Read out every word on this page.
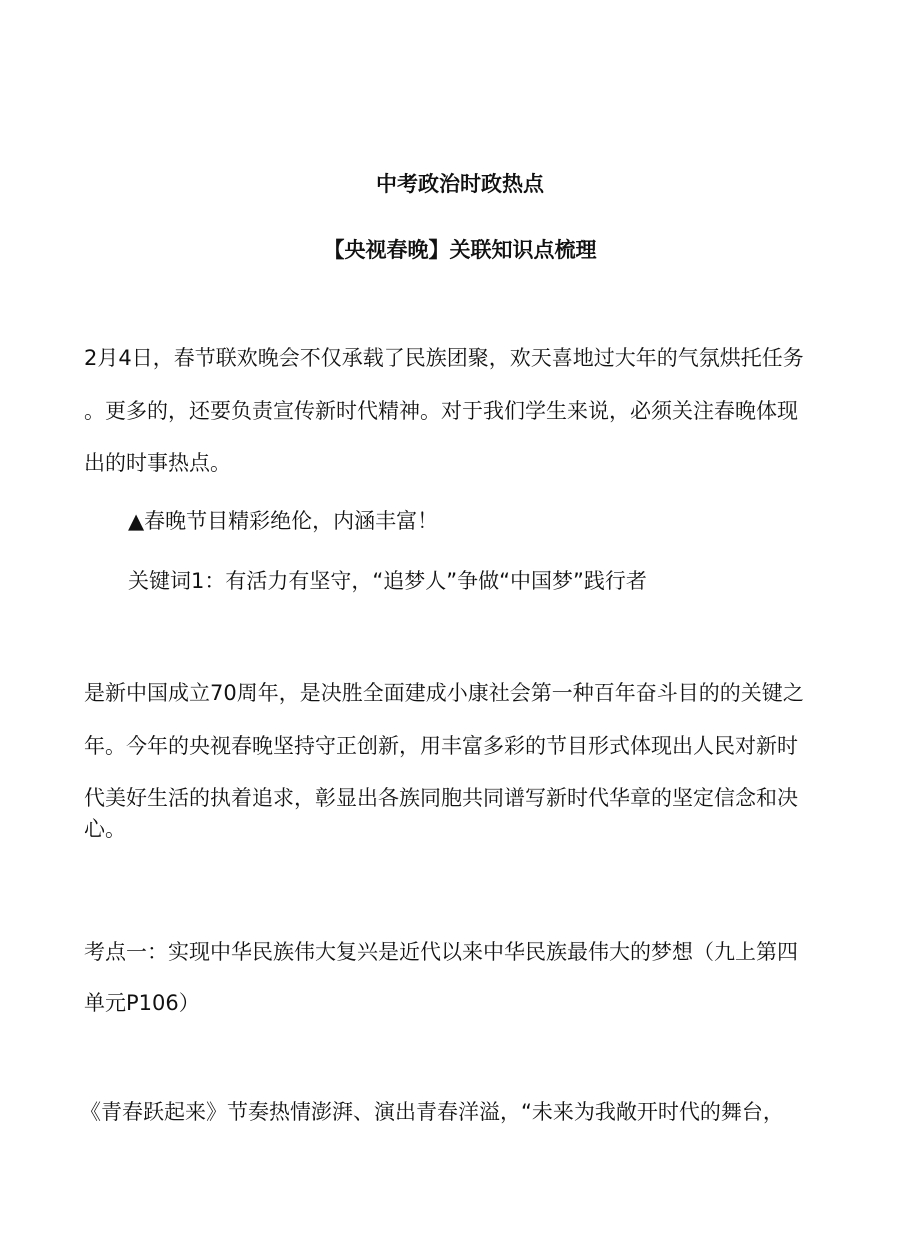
中考政治时政热点
【央视春晚】关联知识点梳理
2月4日，春节联欢晚会不仅承载了民族团聚，欢天喜地过大年的气氛烘托任务
。更多的，还要负责宣传新时代精神。对于我们学生来说，必须关注春晚体现
出的时事热点。
▲春晚节目精彩绝伦，内涵丰富！
关键词1：有活力有坚守，“追梦人”争做“中国梦”践行者
是新中国成立70周年，是决胜全面建成小康社会第一种百年奋斗目的的关键之
年。今年的央视春晚坚持守正创新，用丰富多彩的节目形式体现出人民对新时
代美好生活的执着追求，彰显出各族同胞共同谱写新时代华章的坚定信念和决
心。
考点一：实现中华民族伟大复兴是近代以来中华民族最伟大的梦想（九上第四
单元P106）
《青春跃起来》节奏热情澎湃、演出青春洋溢，“未来为我敞开时代的舞台，
